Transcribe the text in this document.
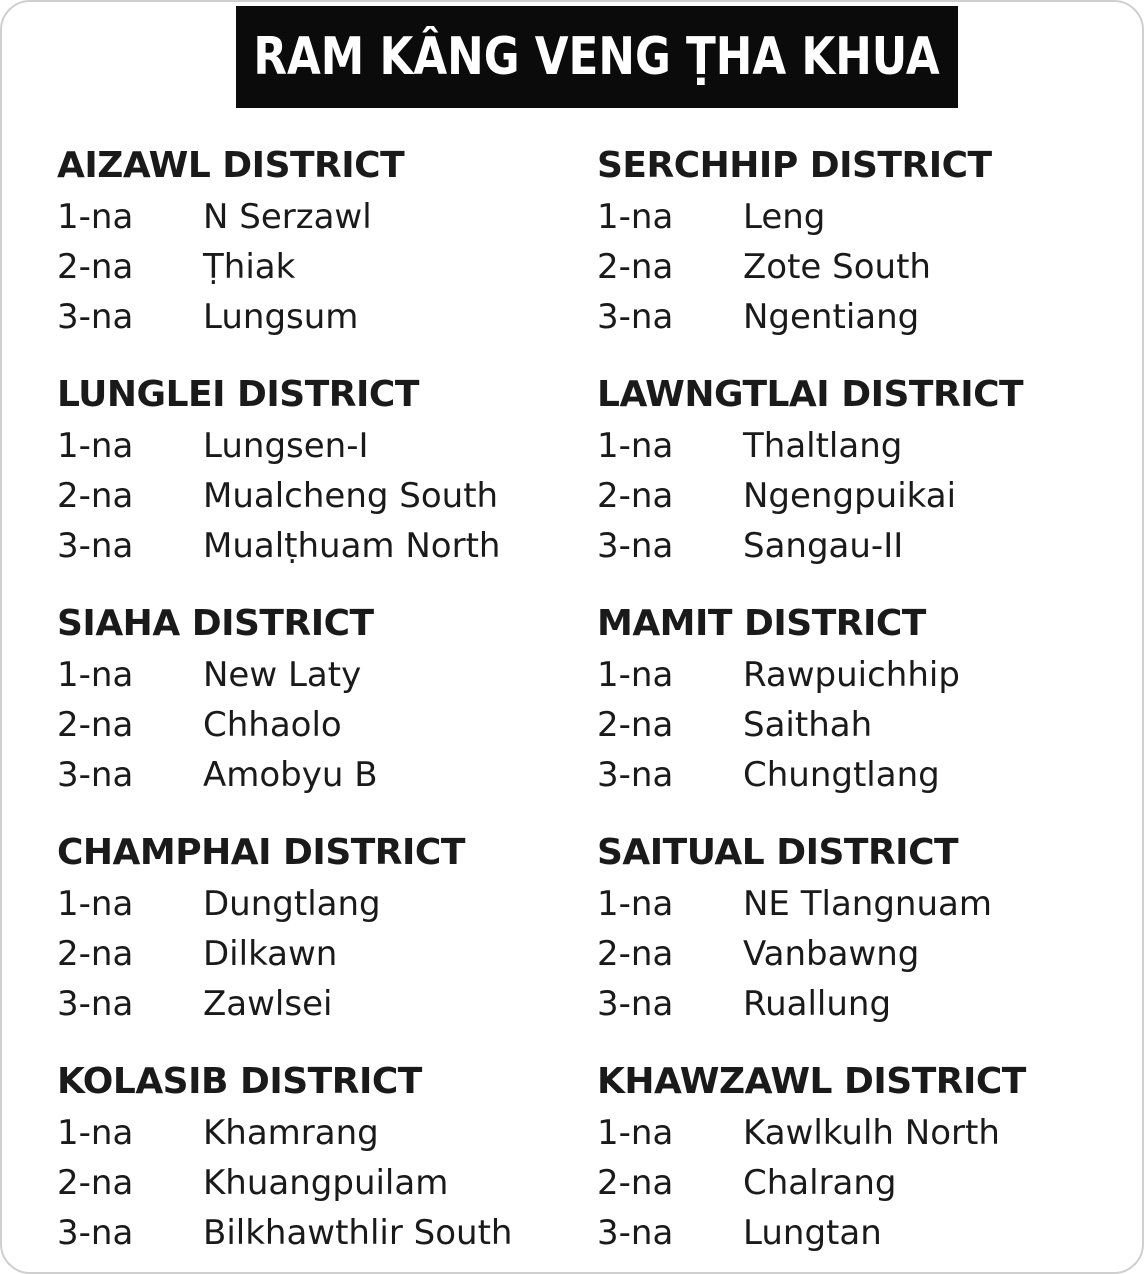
RAM KÂNG VENG ṬHA KHUA
AIZAWL DISTRICT
1-na	N Serzawl
2-na	Ṭhiak
3-na	Lungsum
SERCHHIP DISTRICT
1-na	Leng
2-na	Zote South
3-na	Ngentiang
LUNGLEI DISTRICT
1-na	Lungsen-I
2-na	Mualcheng South
3-na	Mualṭhuam North
LAWNGTLAI DISTRICT
1-na	Thaltlang
2-na	Ngengpuikai
3-na	Sangau-II
SIAHA DISTRICT
1-na	New Laty
2-na	Chhaolo
3-na	Amobyu B
MAMIT DISTRICT
1-na	Rawpuichhip
2-na	Saithah
3-na	Chungtlang
CHAMPHAI DISTRICT
1-na	Dungtlang
2-na	Dilkawn
3-na	Zawlsei
SAITUAL DISTRICT
1-na	NE Tlangnuam
2-na	Vanbawng
3-na	Ruallung
KOLASIB DISTRICT
1-na	Khamrang
2-na	Khuangpuilam
3-na	Bilkhawthlir South
KHAWZAWL DISTRICT
1-na	Kawlkulh North
2-na	Chalrang
3-na	Lungtan
